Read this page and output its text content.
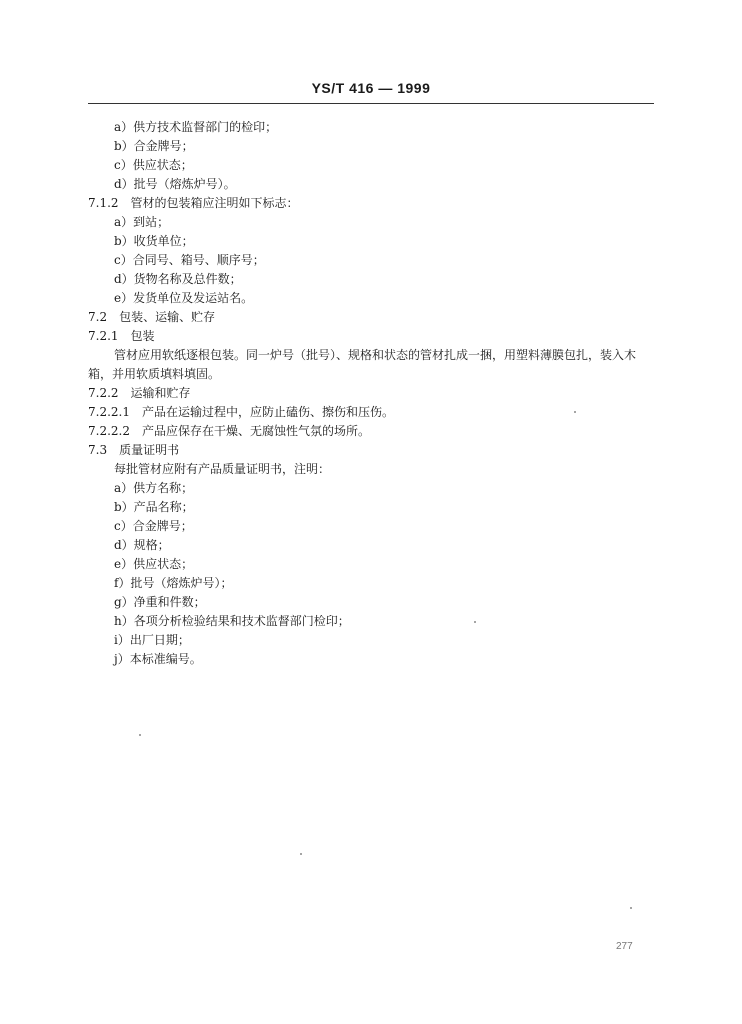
YS/T 416 — 1999
a）供方技术监督部门的检印；
b）合金牌号；
c）供应状态；
d）批号（熔炼炉号）。
7.1.2　管材的包装箱应注明如下标志：
a）到站；
b）收货单位；
c）合同号、箱号、顺序号；
d）货物名称及总件数；
e）发货单位及发运站名。
7.2　包装、运输、贮存
7.2.1　包装
管材应用软纸逐根包装。同一炉号（批号）、规格和状态的管材扎成一捆，用塑料薄膜包扎，装入木
箱，并用软质填料填固。
7.2.2　运输和贮存
7.2.2.1　产品在运输过程中，应防止磕伤、擦伤和压伤。
7.2.2.2　产品应保存在干燥、无腐蚀性气氛的场所。
7.3　质量证明书
每批管材应附有产品质量证明书，注明：
a）供方名称；
b）产品名称；
c）合金牌号；
d）规格；
e）供应状态；
f）批号（熔炼炉号）；
g）净重和件数；
h）各项分析检验结果和技术监督部门检印；
i）出厂日期；
j）本标准编号。
277
